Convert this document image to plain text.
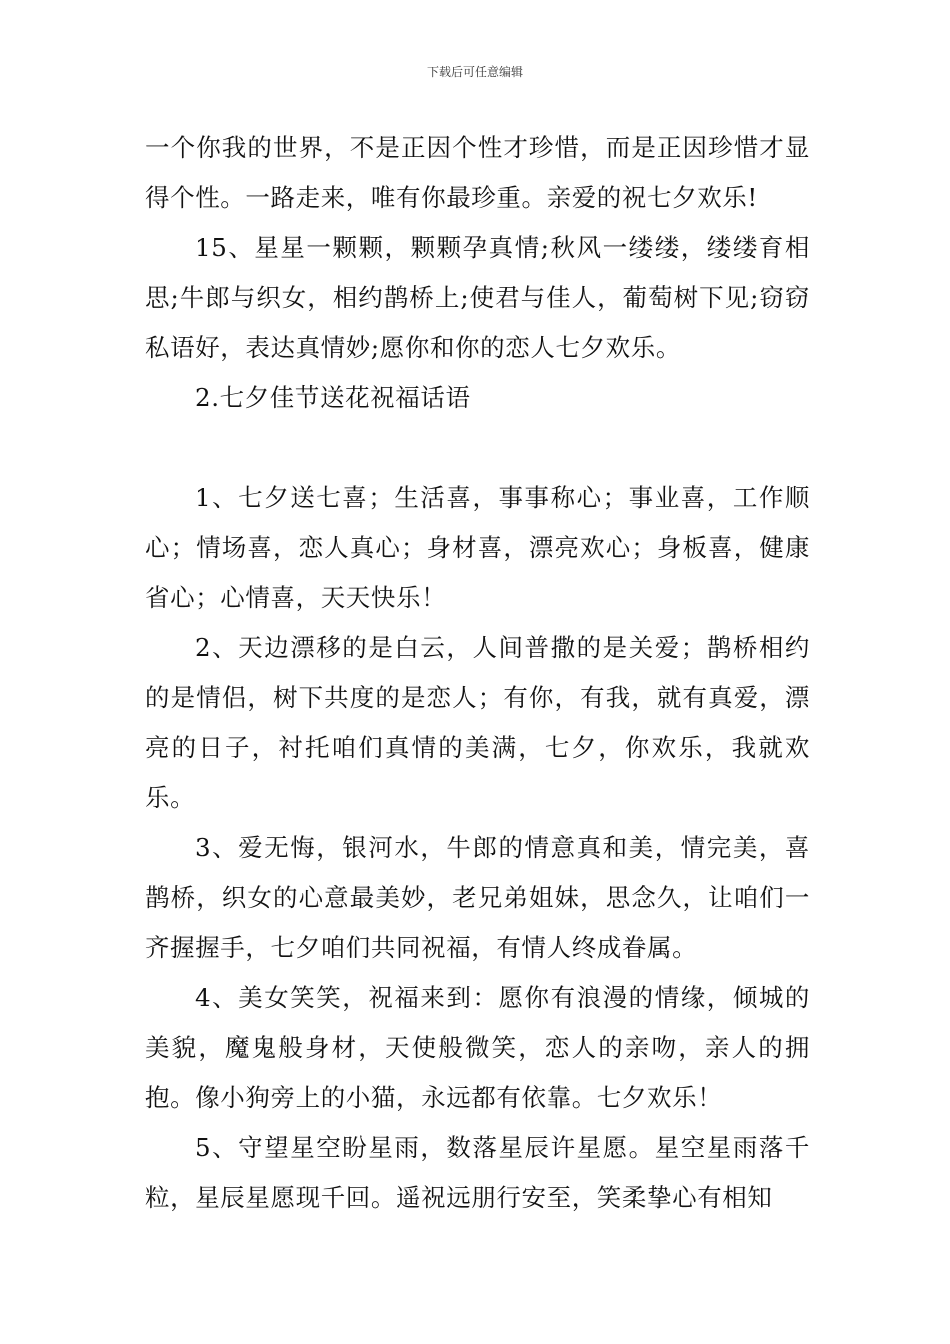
下载后可任意编辑

一个你我的世界，不是正因个性才珍惜，而是正因珍惜才显得个性。一路走来，唯有你最珍重。亲爱的祝七夕欢乐!

15、星星一颗颗，颗颗孕真情;秋风一缕缕，缕缕育相思;牛郎与织女，相约鹊桥上;使君与佳人，葡萄树下见;窃窃私语好，表达真情妙;愿你和你的恋人七夕欢乐。

2.七夕佳节送花祝福话语

1、七夕送七喜；生活喜，事事称心；事业喜，工作顺心；情场喜，恋人真心；身材喜，漂亮欢心；身板喜，健康省心；心情喜，天天快乐！

2、天边漂移的是白云，人间普撒的是关爱；鹊桥相约的是情侣，树下共度的是恋人；有你，有我，就有真爱，漂亮的日子，衬托咱们真情的美满，七夕，你欢乐，我就欢乐。

3、爱无悔，银河水，牛郎的情意真和美，情完美，喜鹊桥，织女的心意最美妙，老兄弟姐妹，思念久，让咱们一齐握握手，七夕咱们共同祝福，有情人终成眷属。

4、美女笑笑，祝福来到：愿你有浪漫的情缘，倾城的美貌，魔鬼般身材，天使般微笑，恋人的亲吻，亲人的拥抱。像小狗旁上的小猫，永远都有依靠。七夕欢乐！

5、守望星空盼星雨，数落星辰许星愿。星空星雨落千粒，星辰星愿现千回。遥祝远朋行安至，笑柔挚心有相知
